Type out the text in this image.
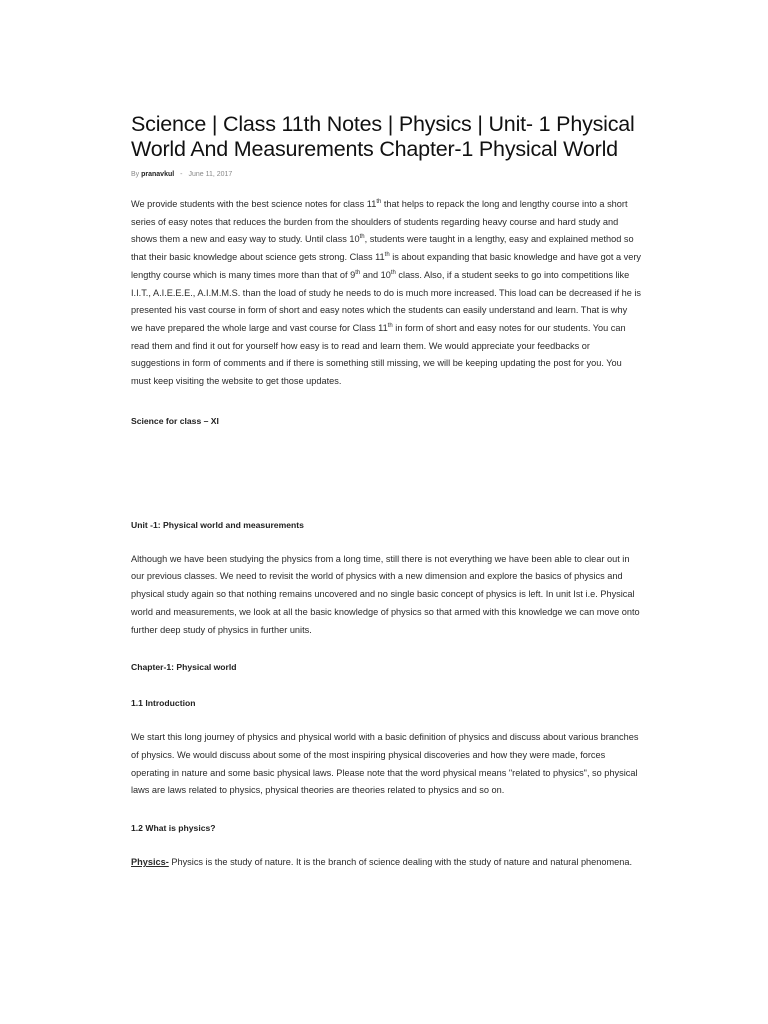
Science | Class 11th Notes | Physics | Unit- 1 Physical World And Measurements Chapter-1 Physical World
By pranavkul - June 11, 2017

We provide students with the best science notes for class 11th that helps to repack the long and lengthy course into a short series of easy notes that reduces the burden from the shoulders of students regarding heavy course and hard study and shows them a new and easy way to study. Until class 10th, students were taught in a lengthy, easy and explained method so that their basic knowledge about science gets strong. Class 11th is about expanding that basic knowledge and have got a very lengthy course which is many times more than that of 9th and 10th class. Also, if a student seeks to go into competitions like I.I.T., A.I.E.E.E., A.I.M.M.S. than the load of study he needs to do is much more increased. This load can be decreased if he is presented his vast course in form of short and easy notes which the students can easily understand and learn. That is why we have prepared the whole large and vast course for Class 11th in form of short and easy notes for our students. You can read them and find it out for yourself how easy is to read and learn them. We would appreciate your feedbacks or suggestions in form of comments and if there is something still missing, we will be keeping updating the post for you. You must keep visiting the website to get those updates.

Science for class – XI
Unit -1: Physical world and measurements

Although we have been studying the physics from a long time, still there is not everything we have been able to clear out in our previous classes. We need to revisit the world of physics with a new dimension and explore the basics of physics and physical study again so that nothing remains uncovered and no single basic concept of physics is left. In unit Ist i.e. Physical world and measurements, we look at all the basic knowledge of physics so that armed with this knowledge we can move onto further deep study of physics in further units.

Chapter-1: Physical world
1.1 Introduction

We start this long journey of physics and physical world with a basic definition of physics and discuss about various branches of physics. We would discuss about some of the most inspiring physical discoveries and how they were made, forces operating in nature and some basic physical laws. Please note that the word physical means "related to physics", so physical laws are laws related to physics, physical theories are theories related to physics and so on.

1.2 What is physics?

Physics- Physics is the study of nature. It is the branch of science dealing with the study of nature and natural phenomena.
